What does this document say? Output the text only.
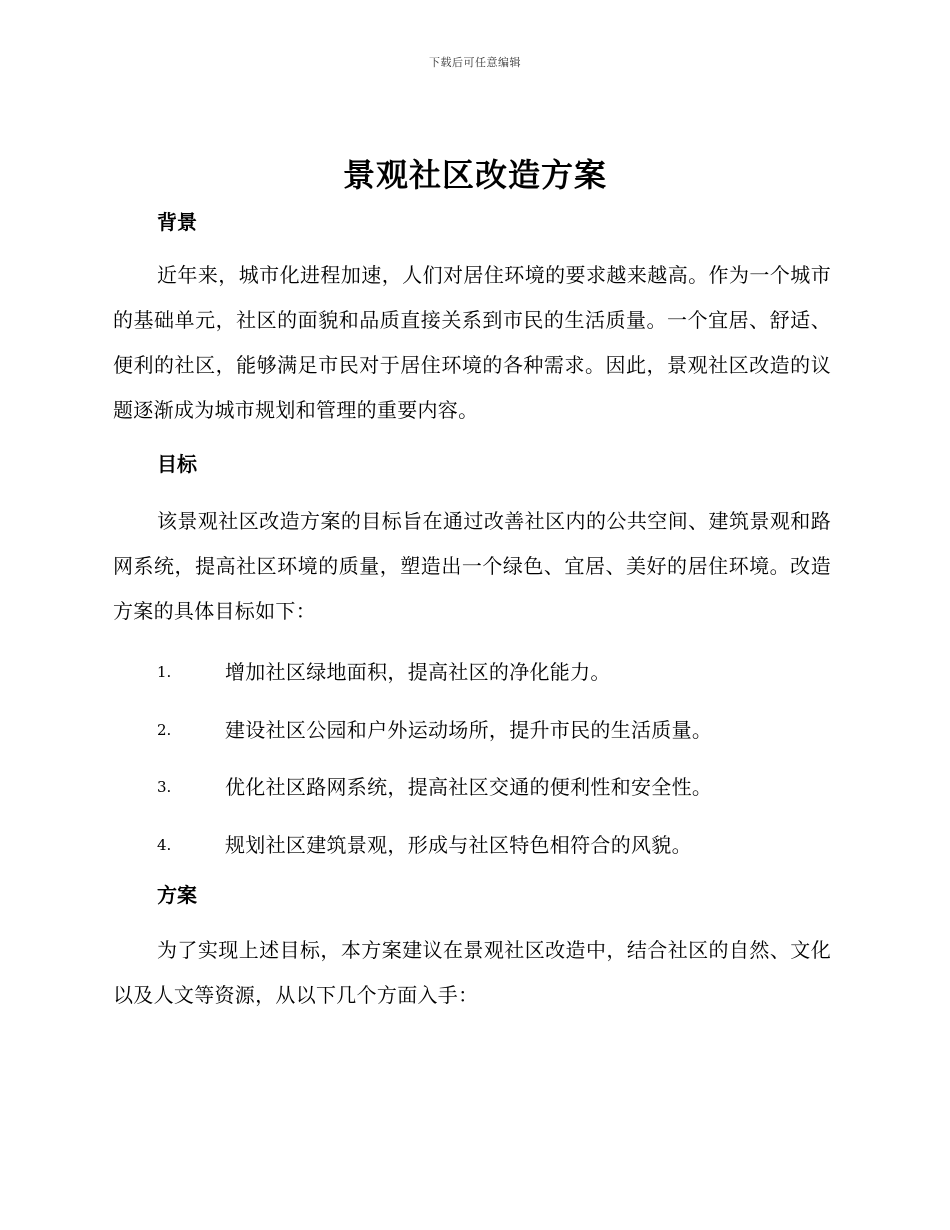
下载后可任意编辑
景观社区改造方案
背景

近年来，城市化进程加速，人们对居住环境的要求越来越高。作为一个城市的基础单元，社区的面貌和品质直接关系到市民的生活质量。一个宜居、舒适、便利的社区，能够满足市民对于居住环境的各种需求。因此，景观社区改造的议题逐渐成为城市规划和管理的重要内容。

目标

该景观社区改造方案的目标旨在通过改善社区内的公共空间、建筑景观和路网系统，提高社区环境的质量，塑造出一个绿色、宜居、美好的居住环境。改造方案的具体目标如下：

1.	增加社区绿地面积，提高社区的净化能力。
2.	建设社区公园和户外运动场所，提升市民的生活质量。
3.	优化社区路网系统，提高社区交通的便利性和安全性。
4.	规划社区建筑景观，形成与社区特色相符合的风貌。
方案

为了实现上述目标，本方案建议在景观社区改造中，结合社区的自然、文化以及人文等资源，从以下几个方面入手：
